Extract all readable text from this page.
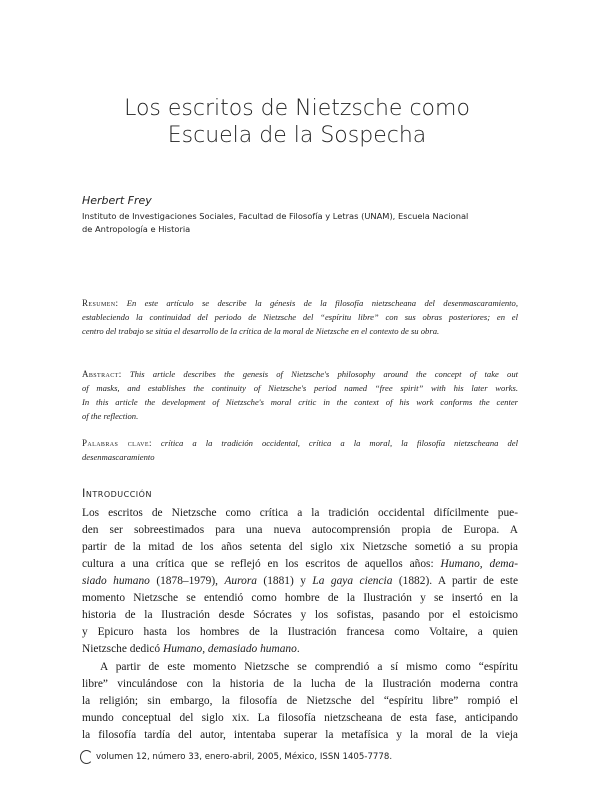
Los escritos de Nietzsche como
Escuela de la Sospecha
Herbert Frey
Instituto de Investigaciones Sociales, Facultad de Filosofía y Letras (UNAM), Escuela Nacional
de Antropología e Historia
Resumen: En este artículo se describe la génesis de la filosofía nietzscheana del desenmascaramiento,
estableciendo la continuidad del periodo de Nietzsche del “espíritu libre” con sus obras posteriores; en el
centro del trabajo se sitúa el desarrollo de la crítica de la moral de Nietzsche en el contexto de su obra.
Abstract: This article describes the genesis of Nietzsche's philosophy around the concept of take out
of masks, and establishes the continuity of Nietzsche's period named “free spirit” with his later works.
In this article the development of Nietzsche's moral critic in the context of his work conforms the center
of the reflection.
Palabras clave: crítica a la tradición occidental, crítica a la moral, la filosofía nietzscheana del
desenmascaramiento
Introducción
Los escritos de Nietzsche como crítica a la tradición occidental difícilmente pue-
den ser sobreestimados para una nueva autocomprensión propia de Europa. A
partir de la mitad de los años setenta del siglo xix Nietzsche sometió a su propia
cultura a una crítica que se reflejó en los escritos de aquellos años: Humano, dema-
siado humano (1878–1979), Aurora (1881) y La gaya ciencia (1882). A partir de este
momento Nietzsche se entendió como hombre de la Ilustración y se insertó en la
historia de la Ilustración desde Sócrates y los sofistas, pasando por el estoicismo
y Epicuro hasta los hombres de la Ilustración francesa como Voltaire, a quien
Nietzsche dedicó Humano, demasiado humano.
A partir de este momento Nietzsche se comprendió a sí mismo como “espíritu
libre” vinculándose con la historia de la lucha de la Ilustración moderna contra
la religión; sin embargo, la filosofía de Nietzsche del “espíritu libre” rompió el
mundo conceptual del siglo xix. La filosofía nietzscheana de esta fase, anticipando
la filosofía tardía del autor, intentaba superar la metafísica y la moral de la vieja
volumen 12, número 33, enero-abril, 2005, México, ISSN 1405-7778.
